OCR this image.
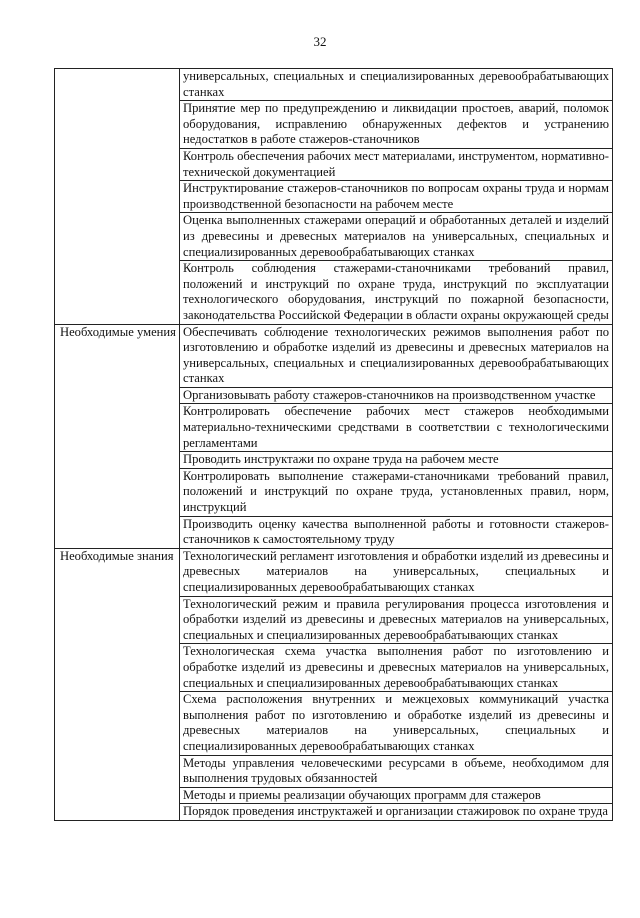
32
	универсальных, специальных и специализированных деревообрабатывающих станках
	Принятие мер по предупреждению и ликвидации простоев, аварий, поломок оборудования, исправлению обнаруженных дефектов и устранению недостатков в работе стажеров-станочников
	Контроль обеспечения рабочих мест материалами, инструментом, нормативно-технической документацией
	Инструктирование стажеров-станочников по вопросам охраны труда и нормам производственной безопасности на рабочем месте
	Оценка выполненных стажерами операций и обработанных деталей и изделий из древесины и древесных материалов на универсальных, специальных и специализированных деревообрабатывающих станках
	Контроль соблюдения стажерами-станочниками требований правил, положений и инструкций по охране труда, инструкций по эксплуатации технологического оборудования, инструкций по пожарной безопасности, законодательства Российской Федерации в области охраны окружающей среды

Необходимые умения	Обеспечивать соблюдение технологических режимов выполнения работ по изготовлению и обработке изделий из древесины и древесных материалов на универсальных, специальных и специализированных деревообрабатывающих станках
	Организовывать работу стажеров-станочников на производственном участке
	Контролировать обеспечение рабочих мест стажеров необходимыми материально-техническими средствами в соответствии с технологическими регламентами
	Проводить инструктажи по охране труда на рабочем месте
	Контролировать выполнение стажерами-станочниками требований правил, положений и инструкций по охране труда, установленных правил, норм, инструкций
	Производить оценку качества выполненной работы и готовности стажеров-станочников к самостоятельному труду

Необходимые знания	Технологический регламент изготовления и обработки изделий из древесины и древесных материалов на универсальных, специальных и специализированных деревообрабатывающих станках
	Технологический режим и правила регулирования процесса изготовления и обработки изделий из древесины и древесных материалов на универсальных, специальных и специализированных деревообрабатывающих станках
	Технологическая схема участка выполнения работ по изготовлению и обработке изделий из древесины и древесных материалов на универсальных, специальных и специализированных деревообрабатывающих станках
	Схема расположения внутренних и межцеховых коммуникаций участка выполнения работ по изготовлению и обработке изделий из древесины и древесных материалов на универсальных, специальных и специализированных деревообрабатывающих станках
	Методы управления человеческими ресурсами в объеме, необходимом для выполнения трудовых обязанностей
	Методы и приемы реализации обучающих программ для стажеров
	Порядок проведения инструктажей и организации стажировок по охране труда
